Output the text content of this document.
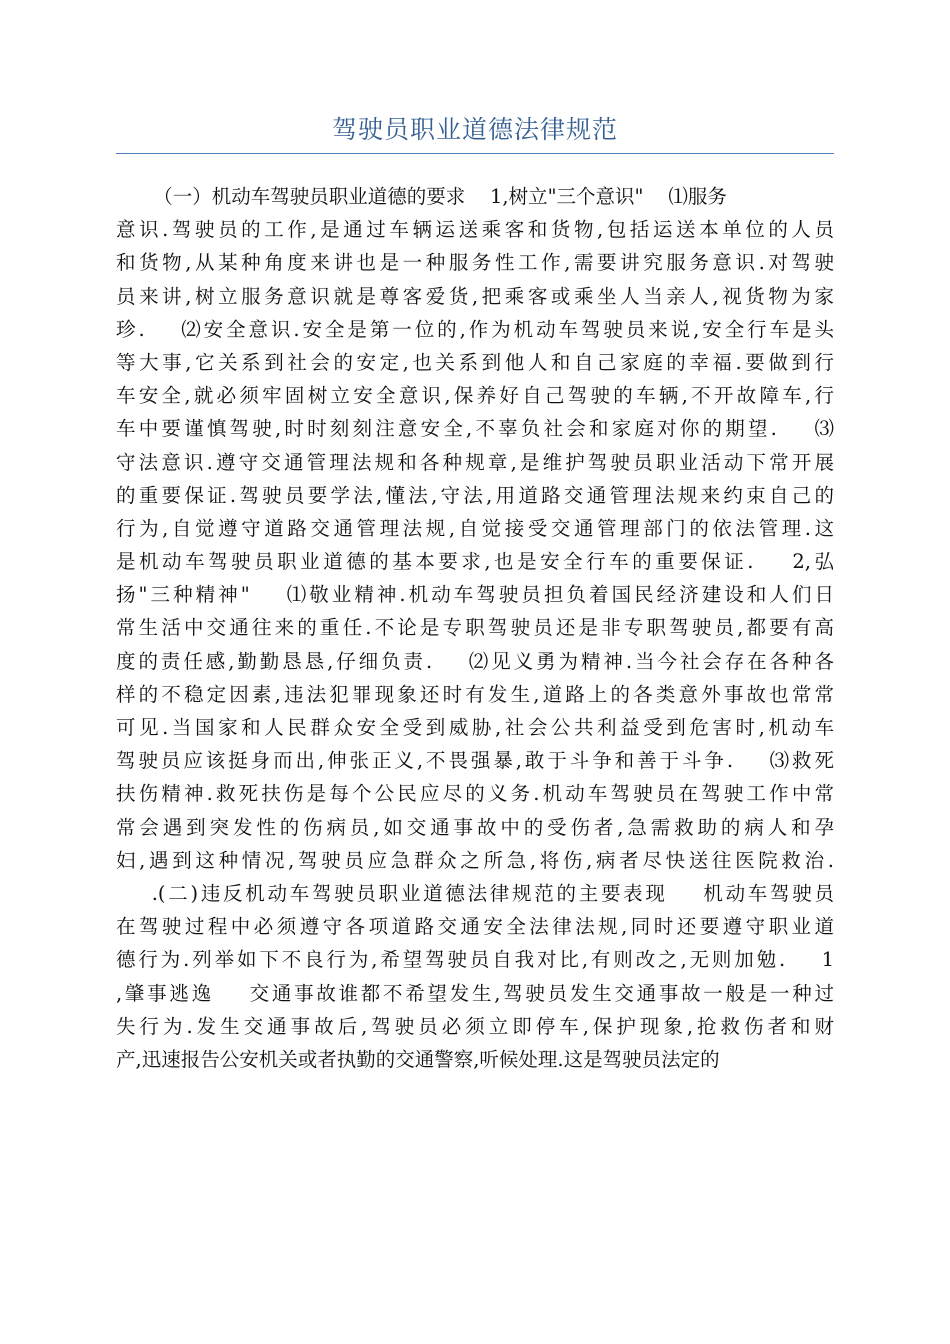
驾驶员职业道德法律规范
（一）机动车驾驶员职业道德的要求    1,树立"三个意识"    ⑴服务
意识.驾驶员的工作,是通过车辆运送乘客和货物,包括运送本单位的人员
和货物,从某种角度来讲也是一种服务性工作,需要讲究服务意识.对驾驶
员来讲,树立服务意识就是尊客爱货,把乘客或乘坐人当亲人,视货物为家
珍.    ⑵安全意识.安全是第一位的,作为机动车驾驶员来说,安全行车是头
等大事,它关系到社会的安定,也关系到他人和自己家庭的幸福.要做到行
车安全,就必须牢固树立安全意识,保养好自己驾驶的车辆,不开故障车,行
车中要谨慎驾驶,时时刻刻注意安全,不辜负社会和家庭对你的期望.    ⑶
守法意识.遵守交通管理法规和各种规章,是维护驾驶员职业活动下常开展
的重要保证.驾驶员要学法,懂法,守法,用道路交通管理法规来约束自己的
行为,自觉遵守道路交通管理法规,自觉接受交通管理部门的依法管理.这
是机动车驾驶员职业道德的基本要求,也是安全行车的重要保证.    2,弘
扬"三种精神"    ⑴敬业精神.机动车驾驶员担负着国民经济建设和人们日
常生活中交通往来的重任.不论是专职驾驶员还是非专职驾驶员,都要有高
度的责任感,勤勤恳恳,仔细负责.    ⑵见义勇为精神.当今社会存在各种各
样的不稳定因素,违法犯罪现象还时有发生,道路上的各类意外事故也常常
可见.当国家和人民群众安全受到威胁,社会公共利益受到危害时,机动车
驾驶员应该挺身而出,伸张正义,不畏强暴,敢于斗争和善于斗争.    ⑶救死
扶伤精神.救死扶伤是每个公民应尽的义务.机动车驾驶员在驾驶工作中常
常会遇到突发性的伤病员,如交通事故中的受伤者,急需救助的病人和孕
妇,遇到这种情况,驾驶员应急群众之所急,将伤,病者尽快送往医院救治.
.(二)违反机动车驾驶员职业道德法律规范的主要表现    机动车驾驶员
在驾驶过程中必须遵守各项道路交通安全法律法规,同时还要遵守职业道
德行为.列举如下不良行为,希望驾驶员自我对比,有则改之,无则加勉.    1
,肇事逃逸    交通事故谁都不希望发生,驾驶员发生交通事故一般是一种过
失行为.发生交通事故后,驾驶员必须立即停车,保护现象,抢救伤者和财
产,迅速报告公安机关或者执勤的交通警察,听候处理.这是驾驶员法定的
